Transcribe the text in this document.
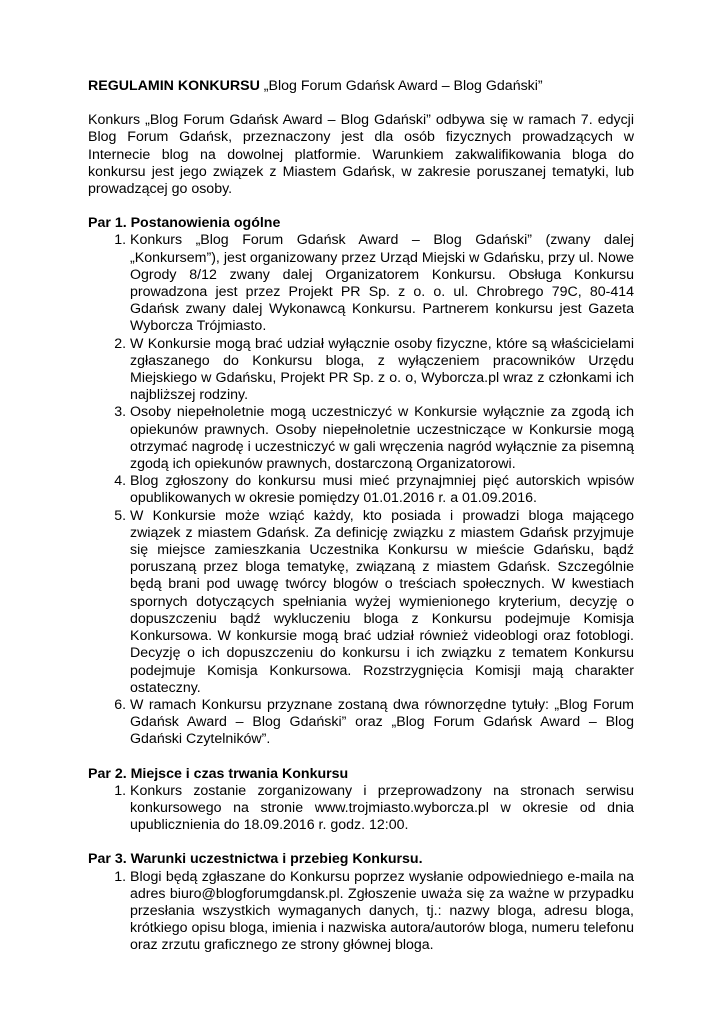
REGULAMIN KONKURSU „Blog Forum Gdańsk Award – Blog Gdański”

Konkurs „Blog Forum Gdańsk Award – Blog Gdański” odbywa się w ramach 7. edycji Blog Forum Gdańsk, przeznaczony jest dla osób fizycznych prowadzących w Internecie blog na dowolnej platformie. Warunkiem zakwalifikowania bloga do konkursu jest jego związek z Miastem Gdańsk, w zakresie poruszanej tematyki, lub prowadzącej go osoby.

Par 1. Postanowienia ogólne

1. Konkurs „Blog Forum Gdańsk Award – Blog Gdański” (zwany dalej „Konkursem”), jest organizowany przez Urząd Miejski w Gdańsku, przy ul. Nowe Ogrody 8/12 zwany dalej Organizatorem Konkursu. Obsługa Konkursu prowadzona jest przez Projekt PR Sp. z o. o. ul. Chrobrego 79C, 80-414 Gdańsk zwany dalej Wykonawcą Konkursu. Partnerem konkursu jest Gazeta Wyborcza Trójmiasto.
2. W Konkursie mogą brać udział wyłącznie osoby fizyczne, które są właścicielami zgłaszanego do Konkursu bloga, z wyłączeniem pracowników Urzędu Miejskiego w Gdańsku, Projekt PR Sp. z o. o, Wyborcza.pl wraz z członkami ich najbliższej rodziny.
3. Osoby niepełnoletnie mogą uczestniczyć w Konkursie wyłącznie za zgodą ich opiekunów prawnych. Osoby niepełnoletnie uczestniczące w Konkursie mogą otrzymać nagrodę i uczestniczyć w gali wręczenia nagród wyłącznie za pisemną zgodą ich opiekunów prawnych, dostarczoną Organizatorowi.
4. Blog zgłoszony do konkursu musi mieć przynajmniej pięć autorskich wpisów opublikowanych w okresie pomiędzy 01.01.2016 r. a 01.09.2016.
5. W Konkursie może wziąć każdy, kto posiada i prowadzi bloga mającego związek z miastem Gdańsk. Za definicję związku z miastem Gdańsk przyjmuje się miejsce zamieszkania Uczestnika Konkursu w mieście Gdańsku, bądź poruszaną przez bloga tematykę, związaną z miastem Gdańsk. Szczególnie będą brani pod uwagę twórcy blogów o treściach społecznych. W kwestiach spornych dotyczących spełniania wyżej wymienionego kryterium, decyzję o dopuszczeniu bądź wykluczeniu bloga z Konkursu podejmuje Komisja Konkursowa. W konkursie mogą brać udział również videoblogi oraz fotoblogi. Decyzję o ich dopuszczeniu do konkursu i ich związku z tematem Konkursu podejmuje Komisja Konkursowa. Rozstrzygnięcia Komisji mają charakter ostateczny.
6. W ramach Konkursu przyznane zostaną dwa równorzędne tytuły: „Blog Forum Gdańsk Award – Blog Gdański” oraz „Blog Forum Gdańsk Award – Blog Gdański Czytelników”.

Par 2. Miejsce i czas trwania Konkursu

1. Konkurs zostanie zorganizowany i przeprowadzony na stronach serwisu konkursowego na stronie www.trojmiasto.wyborcza.pl w okresie od dnia upublicznienia do 18.09.2016 r. godz. 12:00.

Par 3. Warunki uczestnictwa i przebieg Konkursu.

1. Blogi będą zgłaszane do Konkursu poprzez wysłanie odpowiedniego e-maila na adres biuro@blogforumgdansk.pl. Zgłoszenie uważa się za ważne w przypadku przesłania wszystkich wymaganych danych, tj.: nazwy bloga, adresu bloga, krótkiego opisu bloga, imienia i nazwiska autora/autorów bloga, numeru telefonu oraz zrzutu graficznego ze strony głównej bloga.
